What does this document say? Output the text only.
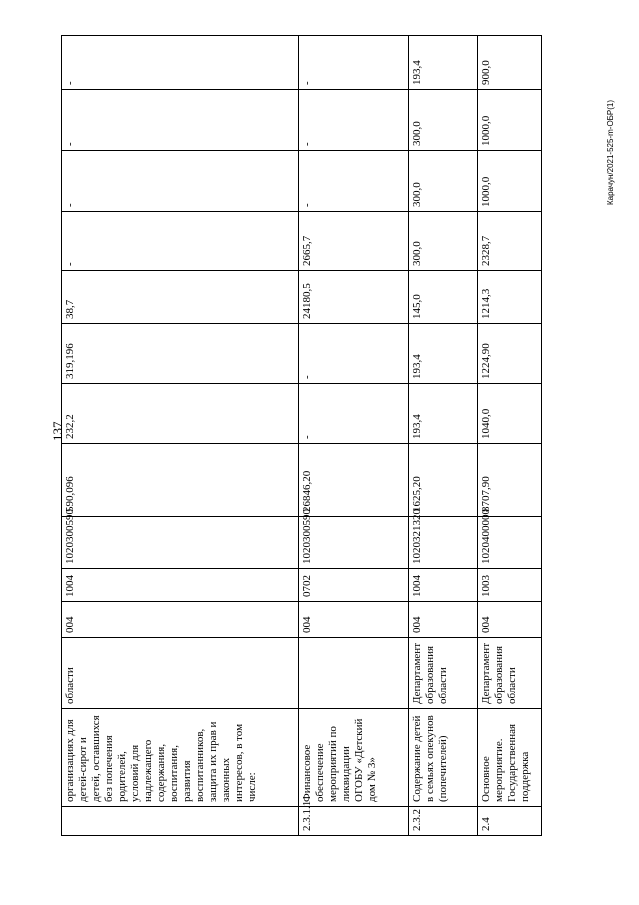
137
Карачун/2021-525-m-ОБР(1)
	организациях для детей-сирот и детей, оставшихся без попечения родителей, условий для надлежащего содержания, воспитания, развития воспитанников, защита их прав и законных интересов, в том числе:	области	004	1004	1020300590	590,096	232,2	319,196	38,7	-	-	-	-
2.3.1.1	Финансовое обеспечение мероприятий по ликвидации ОГОБУ «Детский дом № 3»		004	0702	1020300590	26846,20	-	-	24180,5	2665,7	-	-	-
2.3.2	Содержание детей в семьях опекунов (попечителей)	Департамент образования области	004	1004	1020321320	1625,20	193,4	193,4	145,0	300,0	300,0	300,0	193,4
2.4	Основное мероприятие. Государственная поддержка	Департамент образования области	004	1003	1020400000	8707,90	1040,0	1224,90	1214,3	2328,7	1000,0	1000,0	900,0
